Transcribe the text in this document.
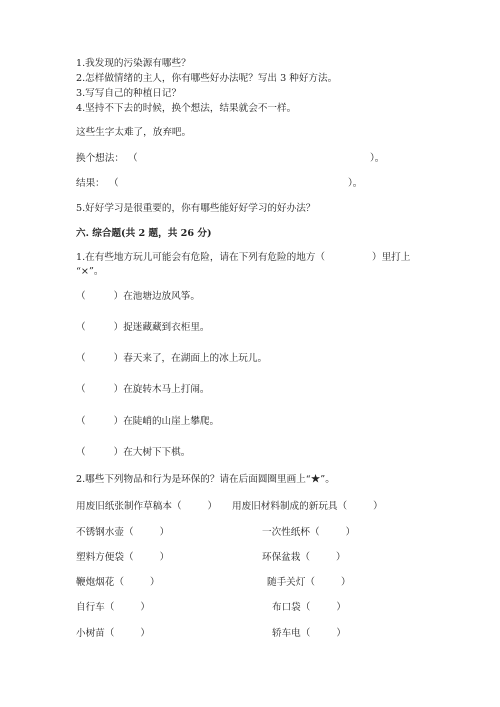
1.我发现的污染源有哪些？
2.怎样做情绪的主人，你有哪些好办法呢？写出 3 种好方法。
3.写写自己的种植日记？
4.坚持不下去的时候，换个想法，结果就会不一样。
这些生字太难了，放弃吧。
换个想法： （	）。
结果： （	）。
5.好好学习是很重要的，你有哪些能好好学习的好办法？
六. 综合题(共 2 题，共 26 分)
1.在有些地方玩儿可能会有危险，请在下列有危险的地方（	）里打上
“×”。
（	）在池塘边放风筝。
（	）捉迷藏藏到衣柜里。
（	）春天来了，在湖面上的冰上玩儿。
（	）在旋转木马上打闹。
（	）在陡峭的山崖上攀爬。
（	）在大树下下棋。
2.哪些下列物品和行为是环保的？请在后面圆圈里画上“★”。
用废旧纸张制作草稿本（	） 用废旧材料制成的新玩具（	）
不锈钢水壶（	）	一次性纸杯（	）
塑料方便袋（	）	环保盆栽（	）
鞭炮烟花（	）	随手关灯（	）
自行车（	）	布口袋（	）
小树苗（	）	轿车电（	）
